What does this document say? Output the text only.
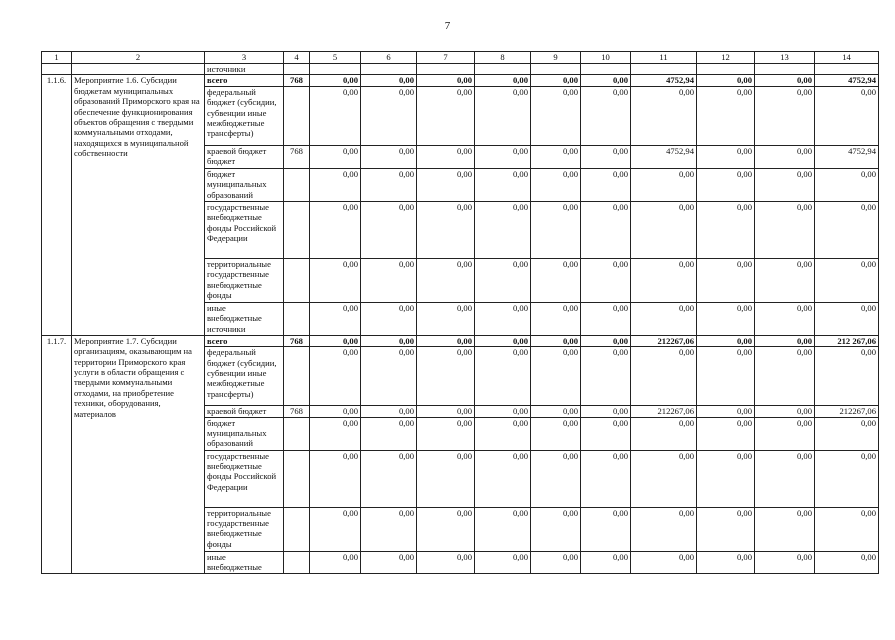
7
1	2	3	4	5	6	7	8	9	10	11	12	13	14
		источники											
1.1.6.	Мероприятие 1.6. Субсидии бюджетам муниципальных образований Приморского края на обеспечение функционирования объектов обращения с твердыми коммунальными отходами, находящихся в муниципальной собственности	всего	768	0,00	0,00	0,00	0,00	0,00	0,00	4752,94	0,00	0,00	4752,94
		федеральный бюджет (субсидии, субвенции иные межбюджетные трансферты)		0,00	0,00	0,00	0,00	0,00	0,00	0,00	0,00	0,00	0,00
		краевой бюджет бюджет	768	0,00	0,00	0,00	0,00	0,00	0,00	4752,94	0,00	0,00	4752,94
		бюджет муниципальных образований		0,00	0,00	0,00	0,00	0,00	0,00	0,00	0,00	0,00	0,00
		государственные внебюджетные фонды Российской Федерации		0,00	0,00	0,00	0,00	0,00	0,00	0,00	0,00	0,00	0,00
		территориальные государственные внебюджетные фонды		0,00	0,00	0,00	0,00	0,00	0,00	0,00	0,00	0,00	0,00
		иные внебюджетные источники		0,00	0,00	0,00	0,00	0,00	0,00	0,00	0,00	0,00	0,00
1.1.7.	Мероприятие 1.7. Субсидии организациям, оказывающим на территории Приморского края услуги в области обращения с твердыми коммунальными отходами, на приобретение техники, оборудования, материалов	всего	768	0,00	0,00	0,00	0,00	0,00	0,00	212267,06	0,00	0,00	212 267,06
		федеральный бюджет (субсидии, субвенции иные межбюджетные трансферты)		0,00	0,00	0,00	0,00	0,00	0,00	0,00	0,00	0,00	0,00
		краевой бюджет	768	0,00	0,00	0,00	0,00	0,00	0,00	212267,06	0,00	0,00	212267,06
		бюджет муниципальных образований		0,00	0,00	0,00	0,00	0,00	0,00	0,00	0,00	0,00	0,00
		государственные внебюджетные фонды Российской Федерации		0,00	0,00	0,00	0,00	0,00	0,00	0,00	0,00	0,00	0,00
		территориальные государственные внебюджетные фонды		0,00	0,00	0,00	0,00	0,00	0,00	0,00	0,00	0,00	0,00
		иные внебюджетные		0,00	0,00	0,00	0,00	0,00	0,00	0,00	0,00	0,00	0,00
